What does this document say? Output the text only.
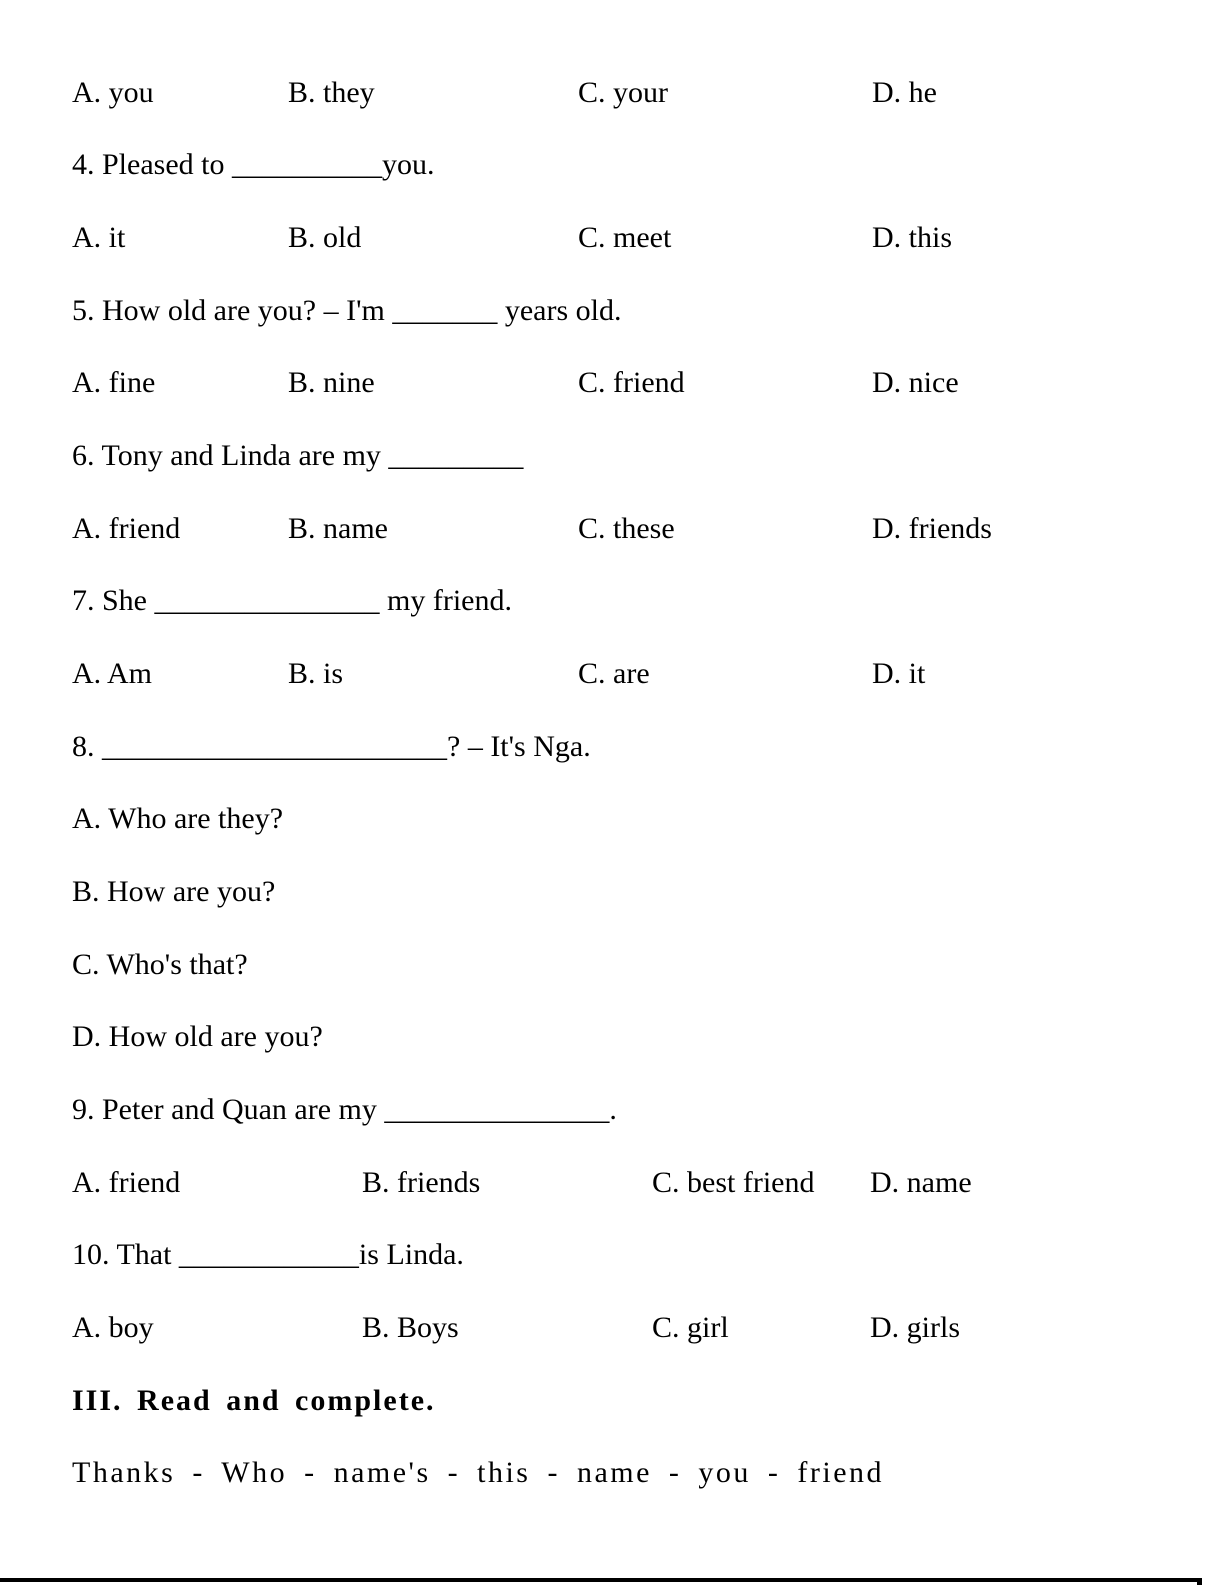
A. you

	B. they

	C. your

	D. he

4. Pleased to __________you.

A. it

	B. old

	C. meet

	D. this

5. How old are you? – I'm _______ years old.

A. fine

	B. nine

	C. friend

	D. nice

6. Tony and Linda are my _________

A. friend

	B. name

	C. these

	D. friends

7. She _______________ my friend.

A. Am

	B. is

	C. are

	D. it

8. _______________________? – It's Nga.
A. Who are they?
B. How are you?
C. Who's that?
D. How old are you?
9. Peter and Quan are my _______________.

A. friend

	B. friends

	C. best friend

D. name

10. That ____________is Linda.

A. boy

	B. Boys

	C. girl

	D. girls

III. Read and complete.
Thanks - Who - name's - this - name - you - friend
